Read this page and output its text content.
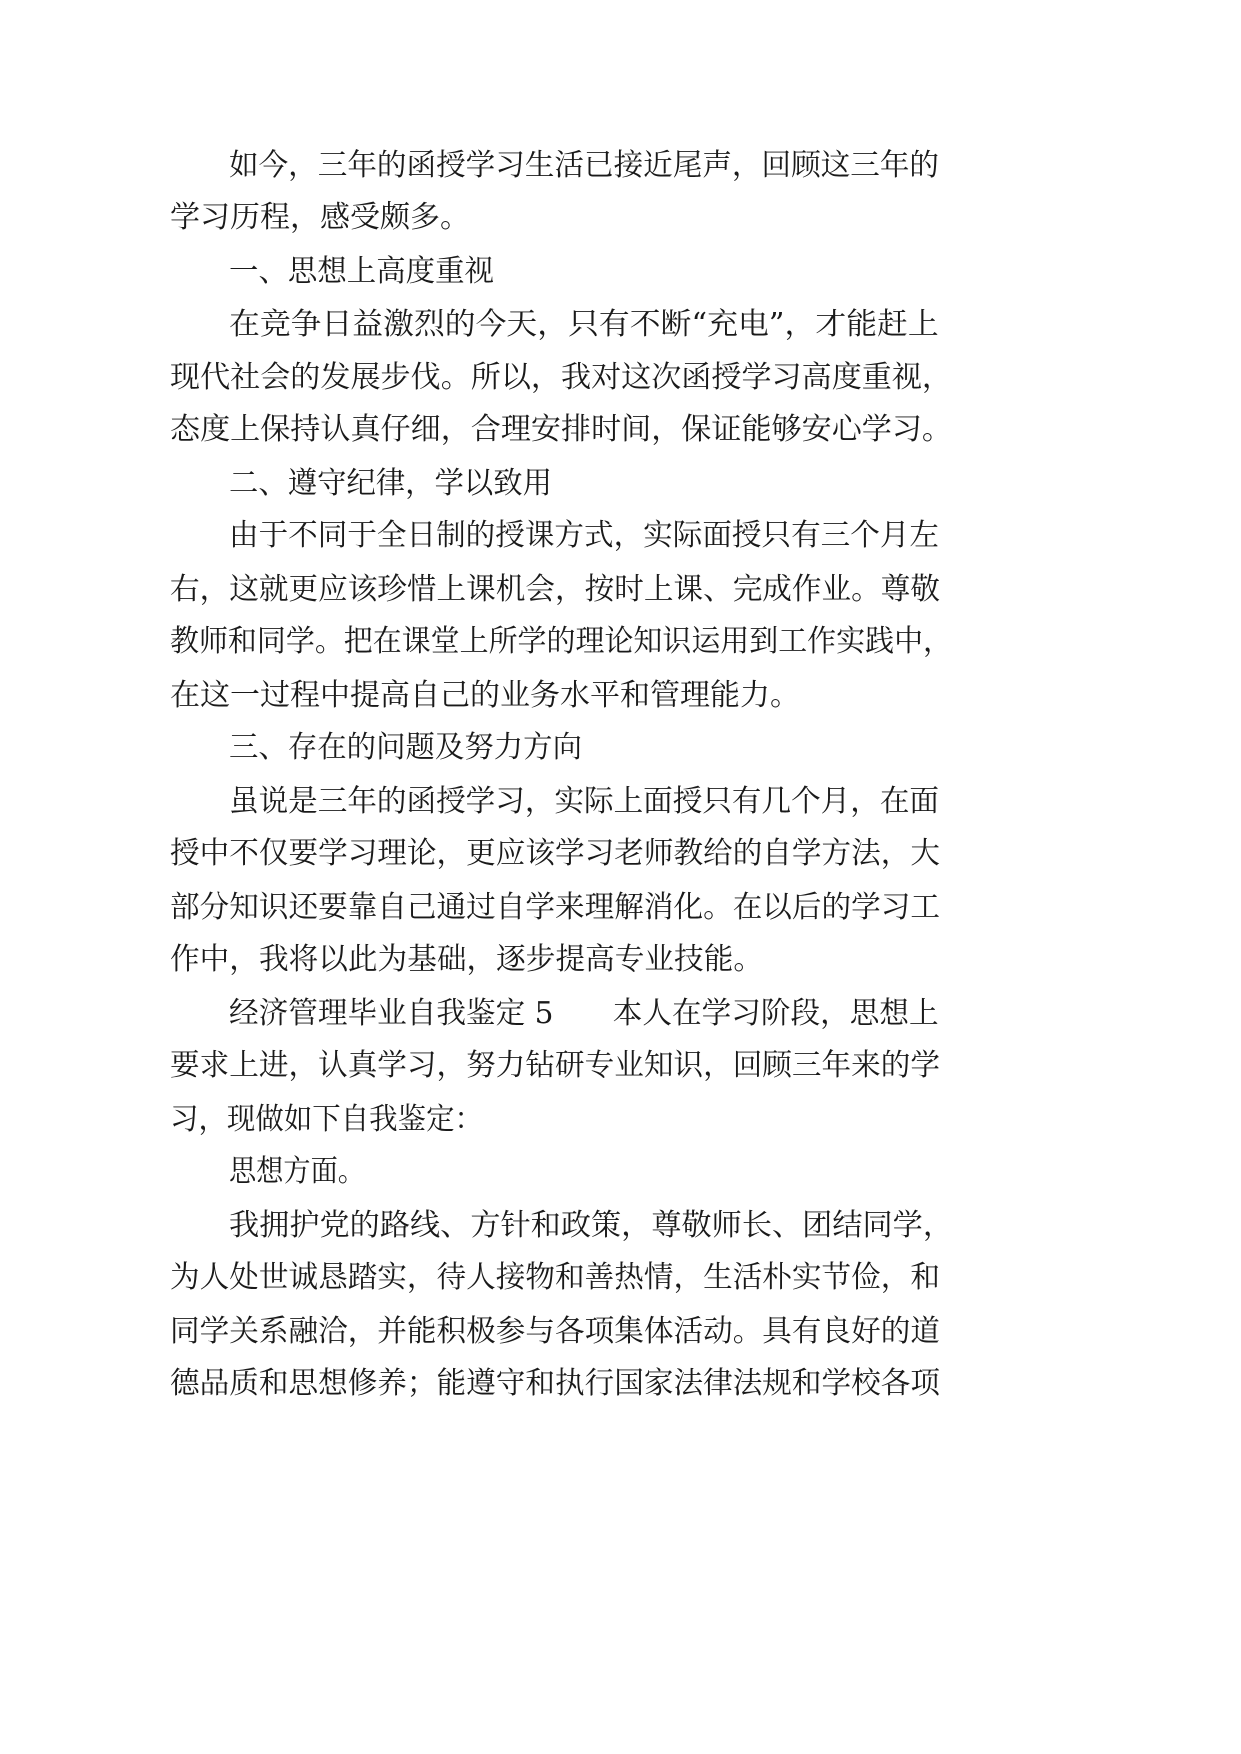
如今，三年的函授学习生活已接近尾声，回顾这三年的
学习历程，感受颇多。
一、思想上高度重视
在竞争日益激烈的今天，只有不断“充电”，才能赶上
现代社会的发展步伐。所以，我对这次函授学习高度重视，
态度上保持认真仔细，合理安排时间，保证能够安心学习。
二、遵守纪律，学以致用
由于不同于全日制的授课方式，实际面授只有三个月左
右，这就更应该珍惜上课机会，按时上课、完成作业。尊敬
教师和同学。把在课堂上所学的理论知识运用到工作实践中，
在这一过程中提高自己的业务水平和管理能力。
三、存在的问题及努力方向
虽说是三年的函授学习，实际上面授只有几个月，在面
授中不仅要学习理论，更应该学习老师教给的自学方法，大
部分知识还要靠自己通过自学来理解消化。在以后的学习工
作中，我将以此为基础，逐步提高专业技能。
经济管理毕业自我鉴定 5　　本人在学习阶段，思想上
要求上进，认真学习，努力钻研专业知识，回顾三年来的学
习，现做如下自我鉴定：
思想方面。
我拥护党的路线、方针和政策，尊敬师长、团结同学，
为人处世诚恳踏实，待人接物和善热情，生活朴实节俭，和
同学关系融洽，并能积极参与各项集体活动。具有良好的道
德品质和思想修养；能遵守和执行国家法律法规和学校各项
